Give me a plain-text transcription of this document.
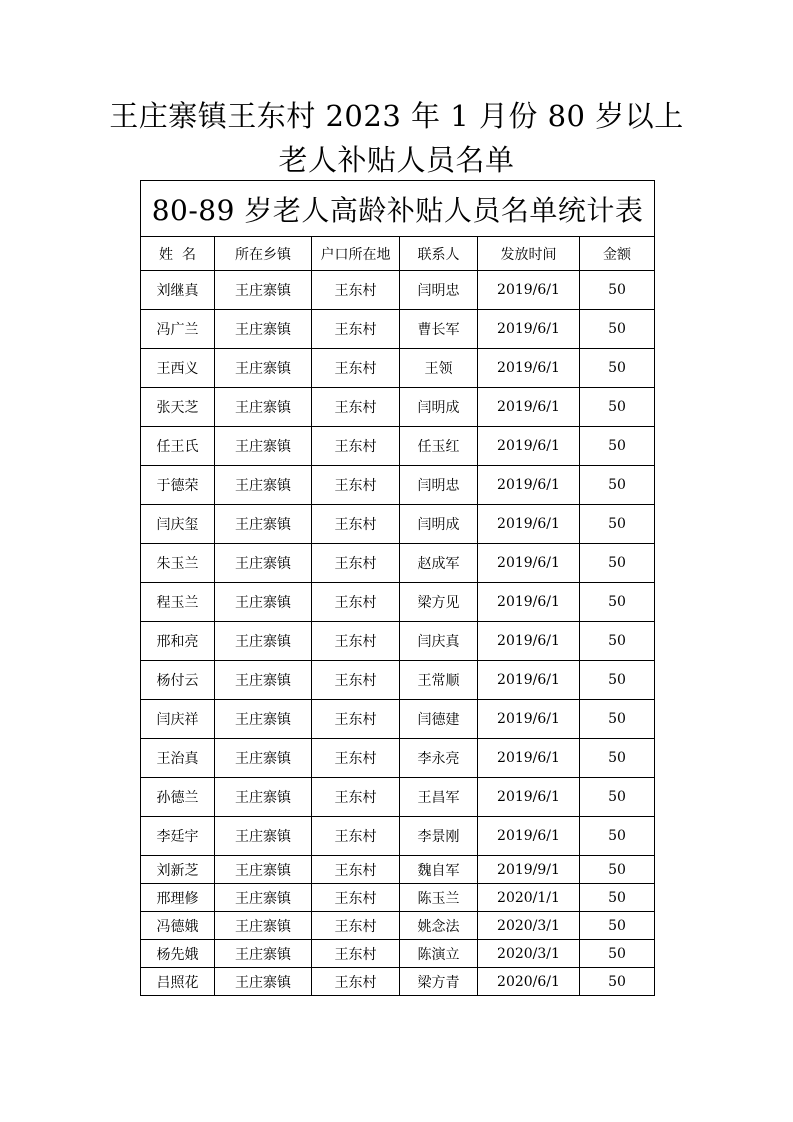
王庄寨镇王东村 2023 年 1 月份 80 岁以上
老人补贴人员名单
80-89 岁老人高龄补贴人员名单统计表					
姓  名	所在乡镇	户口所在地	联系人	发放时间	金额
刘继真	王庄寨镇	王东村	闫明忠	2019/6/1	50
冯广兰	王庄寨镇	王东村	曹长军	2019/6/1	50
王西义	王庄寨镇	王东村	王领	2019/6/1	50
张天芝	王庄寨镇	王东村	闫明成	2019/6/1	50
任王氏	王庄寨镇	王东村	任玉红	2019/6/1	50
于德荣	王庄寨镇	王东村	闫明忠	2019/6/1	50
闫庆玺	王庄寨镇	王东村	闫明成	2019/6/1	50
朱玉兰	王庄寨镇	王东村	赵成军	2019/6/1	50
程玉兰	王庄寨镇	王东村	梁方见	2019/6/1	50
邢和亮	王庄寨镇	王东村	闫庆真	2019/6/1	50
杨付云	王庄寨镇	王东村	王常顺	2019/6/1	50
闫庆祥	王庄寨镇	王东村	闫德建	2019/6/1	50
王治真	王庄寨镇	王东村	李永亮	2019/6/1	50
孙德兰	王庄寨镇	王东村	王昌军	2019/6/1	50
李廷宇	王庄寨镇	王东村	李景刚	2019/6/1	50
刘新芝	王庄寨镇	王东村	魏自军	2019/9/1	50
邢理修	王庄寨镇	王东村	陈玉兰	2020/1/1	50
冯德娥	王庄寨镇	王东村	姚念法	2020/3/1	50
杨先娥	王庄寨镇	王东村	陈演立	2020/3/1	50
吕照花	王庄寨镇	王东村	梁方青	2020/6/1	50
